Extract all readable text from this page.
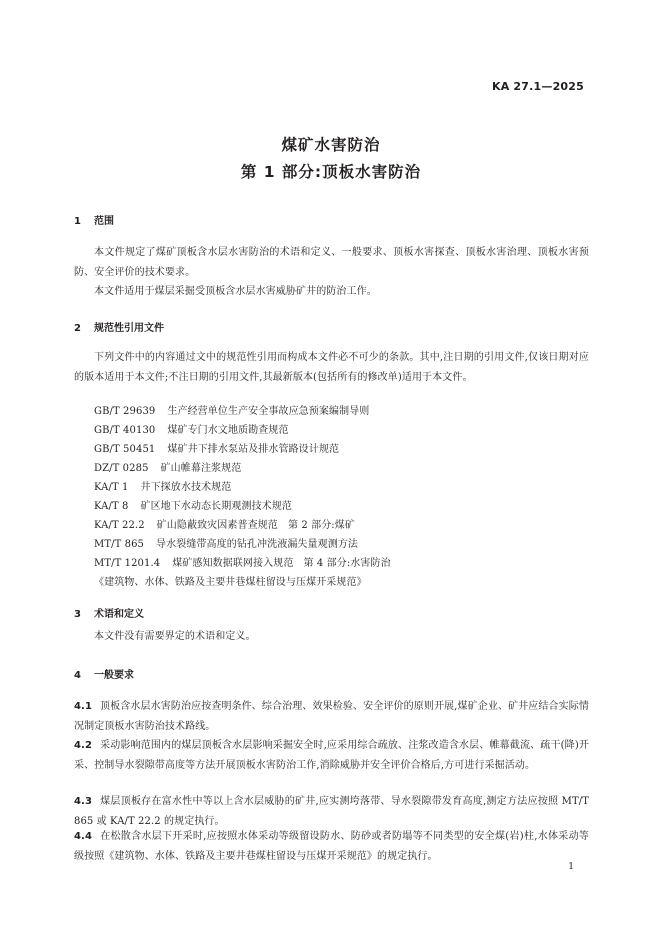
KA 27.1—2025
煤矿水害防治
第 1 部分:顶板水害防治
1 范围

本文件规定了煤矿顶板含水层水害防治的术语和定义、一般要求、顶板水害探查、顶板水害治理、顶板水害预防、安全评价的技术要求。

本文件适用于煤层采掘受顶板含水层水害威胁矿井的防治工作。

2 规范性引用文件

下列文件中的内容通过文中的规范性引用而构成本文件必不可少的条款。其中,注日期的引用文件,仅该日期对应的版本适用于本文件;不注日期的引用文件,其最新版本(包括所有的修改单)适用于本文件。

GB/T 29639 生产经营单位生产安全事故应急预案编制导则
GB/T 40130 煤矿专门水文地质勘查规范
GB/T 50451 煤矿井下排水泵站及排水管路设计规范
DZ/T 0285 矿山帷幕注浆规范
KA/T 1 井下探放水技术规范
KA/T 8 矿区地下水动态长期观测技术规范
KA/T 22.2 矿山隐蔽致灾因素普查规范　第 2 部分:煤矿
MT/T 865 导水裂缝带高度的钻孔冲洗液漏失量观测方法
MT/T 1201.4 煤矿感知数据联网接入规范　第 4 部分:水害防治
《建筑物、水体、铁路及主要井巷煤柱留设与压煤开采规范》
3 术语和定义

本文件没有需要界定的术语和定义。

4 一般要求

4.1 顶板含水层水害防治应按查明条件、综合治理、效果检验、安全评价的原则开展,煤矿企业、矿井应结合实际情况制定顶板水害防治技术路线。

4.2 采动影响范围内的煤层顶板含水层影响采掘安全时,应采用综合疏放、注浆改造含水层、帷幕截流、疏干(降)开采、控制导水裂隙带高度等方法开展顶板水害防治工作,消除威胁并安全评价合格后,方可进行采掘活动。

4.3 煤层顶板存在富水性中等以上含水层威胁的矿井,应实测垮落带、导水裂隙带发育高度,测定方法应按照 MT/T 865 或 KA/T 22.2 的规定执行。

4.4 在松散含水层下开采时,应按照水体采动等级留设防水、防砂或者防塌等不同类型的安全煤(岩)柱,水体采动等级按照《建筑物、水体、铁路及主要井巷煤柱留设与压煤开采规范》的规定执行。

1
